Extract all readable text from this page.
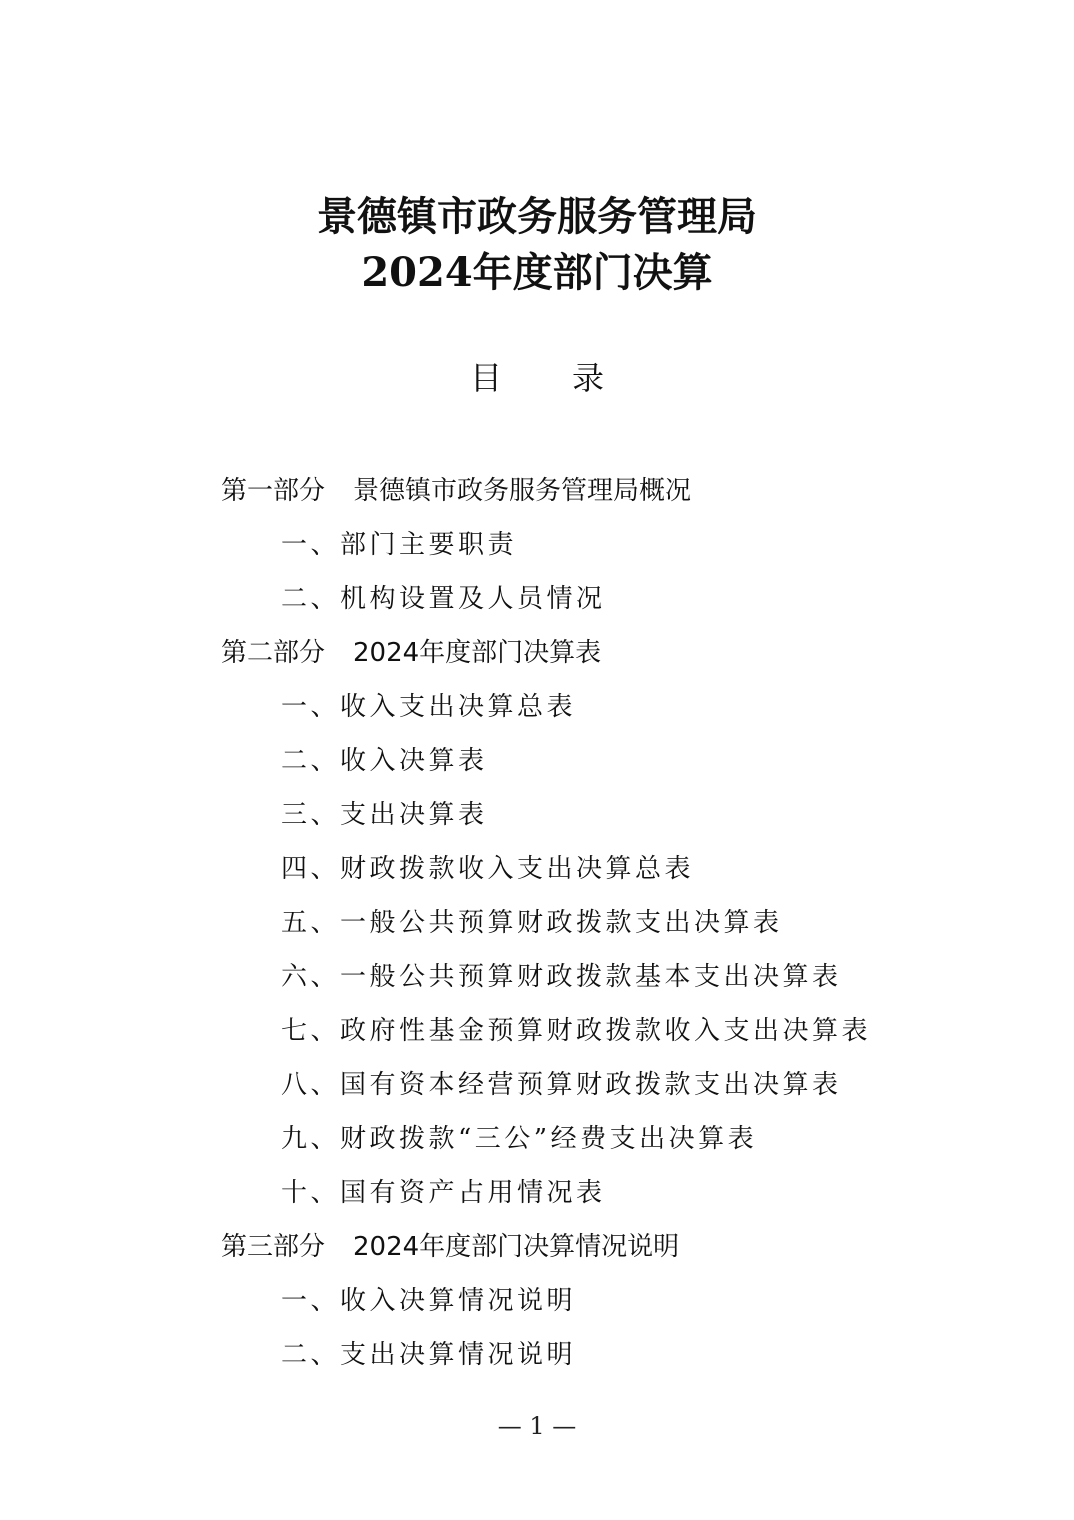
景德镇市政务服务管理局
2024年度部门决算
目录
第一部分 景德镇市政务服务管理局概况
一、部门主要职责
二、机构设置及人员情况
第二部分 2024年度部门决算表
一、收入支出决算总表
二、收入决算表
三、支出决算表
四、财政拨款收入支出决算总表
五、一般公共预算财政拨款支出决算表
六、一般公共预算财政拨款基本支出决算表
七、政府性基金预算财政拨款收入支出决算表
八、国有资本经营预算财政拨款支出决算表
九、财政拨款“三公”经费支出决算表
十、国有资产占用情况表
第三部分 2024年度部门决算情况说明
一、收入决算情况说明
二、支出决算情况说明
— 1 —
